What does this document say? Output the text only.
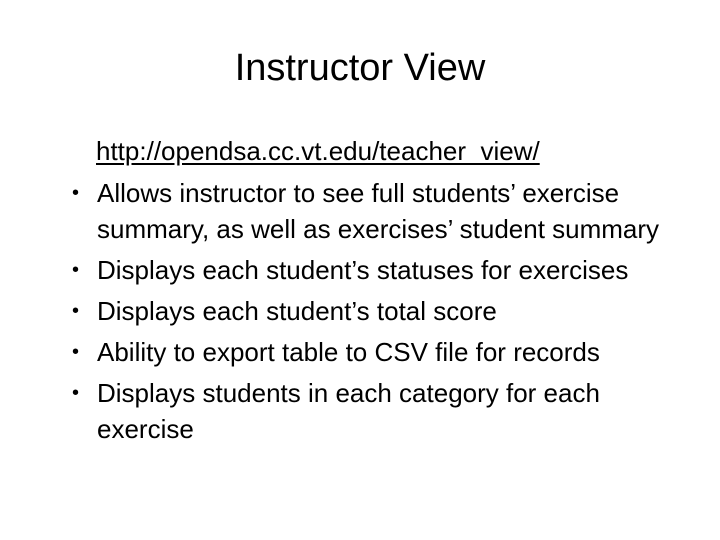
Instructor View
http://opendsa.cc.vt.edu/teacher_view/
• Allows instructor to see full students’ exercise summary, as well as exercises’ student summary
• Displays each student’s statuses for exercises
• Displays each student’s total score
• Ability to export table to CSV file for records
• Displays students in each category for each exercise
